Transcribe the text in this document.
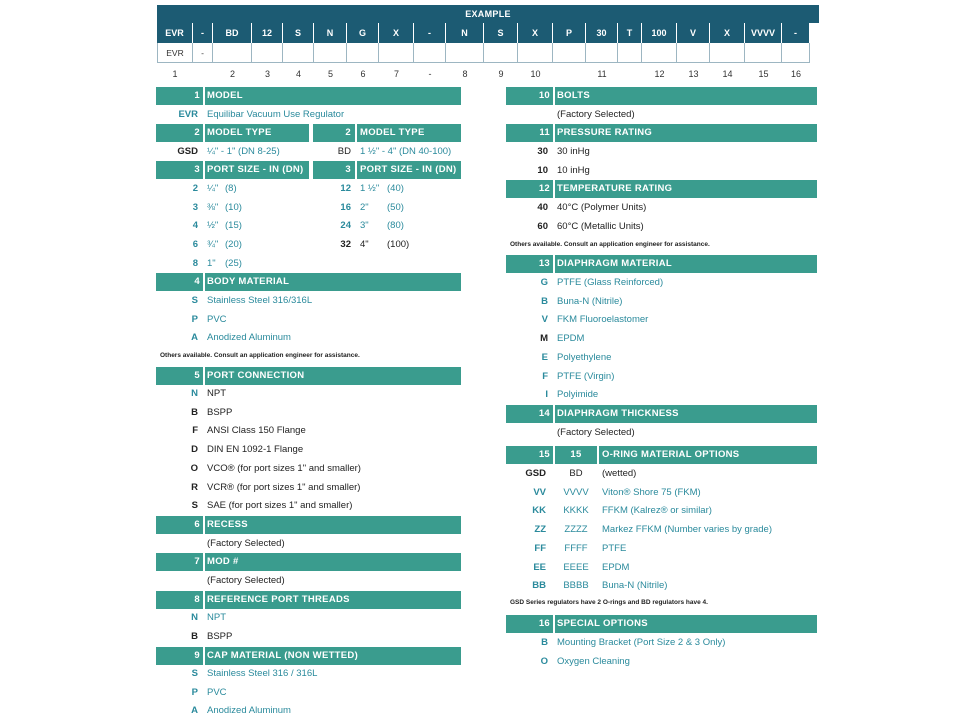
EXAMPLE
EVR	-	BD	12	S	N	G	X	-	N	S	X	P	30	T	100	V	X	VVVV	-
EVR	-
1	2	3	4	5	6	7	-	8	9	10	11	12	13	14	15	16
1 MODEL
EVR Equilibar Vacuum Use Regulator
2 MODEL TYPE	2 MODEL TYPE
GSD ¼" - 1" (DN 8-25)	BD 1 ½" - 4" (DN 40-100)
3 PORT SIZE - IN (DN)	3 PORT SIZE - IN (DN)
2 ¼" (8)
3 ⅜" (10)
4 ½" (15)
6 ¾" (20)
8 1" (25)
12 1 ½" (40)
16 2" (50)
24 3" (80)
32 4" (100)
4 BODY MATERIAL
S Stainless Steel 316/316L
P PVC
A Anodized Aluminum
Others available. Consult an application engineer for assistance.
5 PORT CONNECTION
N NPT
B BSPP
F ANSI Class 150 Flange
D DIN EN 1092-1 Flange
O VCO® (for port sizes 1" and smaller)
R VCR® (for port sizes 1" and smaller)
S SAE (for port sizes 1" and smaller)
6 RECESS
(Factory Selected)
7 MOD #
(Factory Selected)
8 REFERENCE PORT THREADS
N NPT
B BSPP
9 CAP MATERIAL (NON WETTED)
S Stainless Steel 316 / 316L
P PVC
A Anodized Aluminum
10 BOLTS
(Factory Selected)
11 PRESSURE RATING
30 30 inHg
10 10 inHg
12 TEMPERATURE RATING
40 40°C (Polymer Units)
60 60°C (Metallic Units)
Others available. Consult an application engineer for assistance.
13 DIAPHRAGM MATERIAL
G PTFE (Glass Reinforced)
B Buna-N (Nitrile)
V FKM Fluoroelastomer
M EPDM
E Polyethylene
F PTFE (Virgin)
I Polyimide
14 DIAPHRAGM THICKNESS
(Factory Selected)
15	15	O-RING MATERIAL OPTIONS
GSD	BD	(wetted)
VV	VVVV	Viton® Shore 75 (FKM)
KK	KKKK	FFKM (Kalrez® or similar)
ZZ	ZZZZ	Markez FFKM (Number varies by grade)
FF	FFFF	PTFE
EE	EEEE	EPDM
BB	BBBB	Buna-N (Nitrile)
GSD Series regulators have 2 O-rings and BD regulators have 4.
16 SPECIAL OPTIONS
B Mounting Bracket (Port Size 2 & 3 Only)
O Oxygen Cleaning
